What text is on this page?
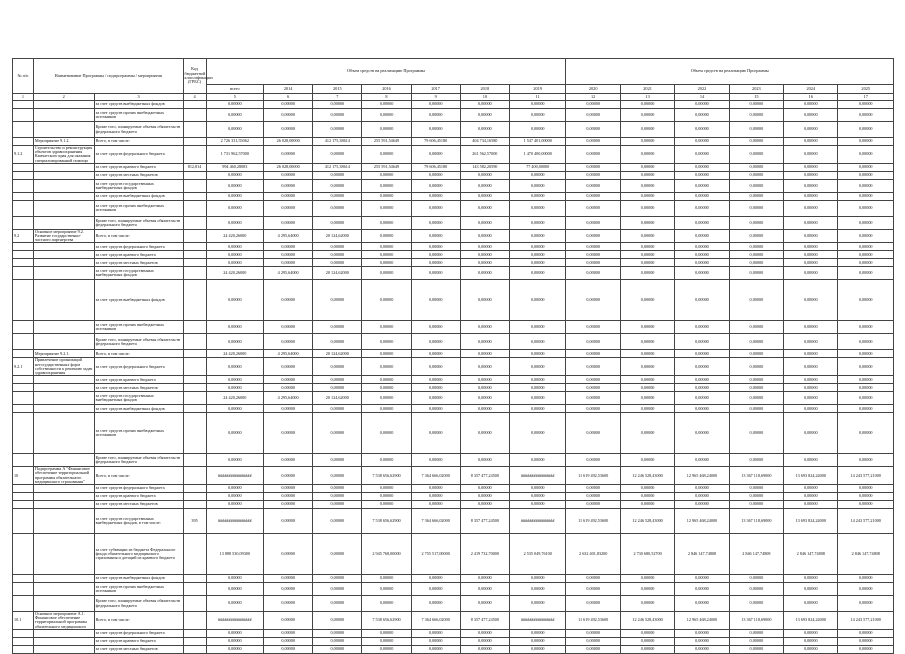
№ п/п	Наименование Программы / подпрограммы / мероприятия		Код бюджетной классификации (ГРБС)	Объем средств на реализацию Программы							Объем средств на реализацию Программы					
				всего	2014	2015	2016	2017	2018	2019	2020	2021	2022	2023	2024	2025
1	2	3	4	5	6	7	8	9	10	11	12	13	14	15	16	17
		за счет средств внебюджетных фондов		0,00000	0,00000	0,00000	0,00000	0,00000	0,00000	0,00000	0,00000	0,00000	0,00000	0,00000	0,00000	0,00000
		за счет средств прочих внебюджетных источников		0,00000	0,00000	0,00000	0,00000	0,00000	0,00000	0,00000	0,00000	0,00000	0,00000	0,00000	0,00000	0,00000
		Кроме того, планируемые объемы обязательств федерального бюджета		0,00000	0,00000	0,00000	0,00000	0,00000	0,00000	0,00000	0,00000	0,00000	0,00000	0,00000	0,00000	0,00000
	Мероприятие 9.1.2.	Всего, в том числе:		2 726 331,55062	26 028,00000	412 175,38614	255 591,54649	79 606,45180	404 734,16580	1 547 401,00000	0,00000	0,00000	0,00000	0,00000	0,00000	0,00000
9.1.2	Строительство и реконструкция объектов здравоохранения Камчатского края для оказания специализированной помощи	за счет средств федерального бюджета		1 731 962,57000	0,00000	0,00000	0,00000	0,00000	261 562,57000	1 470 400,00000	0,00000	0,00000	0,00000	0,00000	0,00000	0,00000
		за счет средств краевого бюджета	812,814	994 460,28083	26 028,00000	412 175,38614	255 591,54649	79 606,45180	143 582,20590	77 400,00000	0,00000	0,00000	0,00000	0,00000	0,00000	0,00000
		за счет средств местных бюджетов		0,00000	0,00000	0,00000	0,00000	0,00000	0,00000	0,00000	0,00000	0,00000	0,00000	0,00000	0,00000	0,00000
		за счет средств государственных внебюджетных фондов		0,00000	0,00000	0,00000	0,00000	0,00000	0,00000	0,00000	0,00000	0,00000	0,00000	0,00000	0,00000	0,00000
		за счет средств внебюджетных фондов		0,00000	0,00000	0,00000	0,00000	0,00000	0,00000	0,00000	0,00000	0,00000	0,00000	0,00000	0,00000	0,00000
		за счет средств прочих внебюджетных источников		0,00000	0,00000	0,00000	0,00000	0,00000	0,00000	0,00000	0,00000	0,00000	0,00000	0,00000	0,00000	0,00000
		Кроме того, планируемые объемы обязательств федерального бюджета		0,00000	0,00000	0,00000	0,00000	0,00000	0,00000	0,00000	0,00000	0,00000	0,00000	0,00000	0,00000	0,00000
9.2	Основное мероприятие 9.2. Развитие государственно-частного партнерства	Всего, в том числе:		24 420,26000	4 295,64000	20 124,62000	0,00000	0,00000	0,00000	0,00000	0,00000	0,00000	0,00000	0,00000	0,00000	0,00000
		за счет средств федерального бюджета		0,00000	0,00000	0,00000	0,00000	0,00000	0,00000	0,00000	0,00000	0,00000	0,00000	0,00000	0,00000	0,00000
		за счет средств краевого бюджета		0,00000	0,00000	0,00000	0,00000	0,00000	0,00000	0,00000	0,00000	0,00000	0,00000	0,00000	0,00000	0,00000
		за счет средств местных бюджетов		0,00000	0,00000	0,00000	0,00000	0,00000	0,00000	0,00000	0,00000	0,00000	0,00000	0,00000	0,00000	0,00000
		за счет средств государственных внебюджетных фондов		24 420,26000	4 295,64000	20 124,62000	0,00000	0,00000	0,00000	0,00000	0,00000	0,00000	0,00000	0,00000	0,00000	0,00000
		за счет средств внебюджетных фондов		0,00000	0,00000	0,00000	0,00000	0,00000	0,00000	0,00000	0,00000	0,00000	0,00000	0,00000	0,00000	0,00000
		за счет средств прочих внебюджетных источников		0,00000	0,00000	0,00000	0,00000	0,00000	0,00000	0,00000	0,00000	0,00000	0,00000	0,00000	0,00000	0,00000
		Кроме того, планируемые объемы обязательств федерального бюджета		0,00000	0,00000	0,00000	0,00000	0,00000	0,00000	0,00000	0,00000	0,00000	0,00000	0,00000	0,00000	0,00000
	Мероприятие 9.2.1.	Всего, в том числе:		24 420,26000	4 295,64000	20 124,62000	0,00000	0,00000	0,00000	0,00000	0,00000	0,00000	0,00000	0,00000	0,00000	0,00000
9.2.1	Привлечение организаций негосударственных форм собственности к решению задач здравоохранения	за счет средств федерального бюджета		0,00000	0,00000	0,00000	0,00000	0,00000	0,00000	0,00000	0,00000	0,00000	0,00000	0,00000	0,00000	0,00000
		за счет средств краевого бюджета		0,00000	0,00000	0,00000	0,00000	0,00000	0,00000	0,00000	0,00000	0,00000	0,00000	0,00000	0,00000	0,00000
		за счет средств местных бюджетов		0,00000	0,00000	0,00000	0,00000	0,00000	0,00000	0,00000	0,00000	0,00000	0,00000	0,00000	0,00000	0,00000
		за счет средств государственных внебюджетных фондов		24 420,26000	4 295,64000	20 124,62000	0,00000	0,00000	0,00000	0,00000	0,00000	0,00000	0,00000	0,00000	0,00000	0,00000
		за счет средств внебюджетных фондов		0,00000	0,00000	0,00000	0,00000	0,00000	0,00000	0,00000	0,00000	0,00000	0,00000	0,00000	0,00000	0,00000
		за счет средств прочих внебюджетных источников		0,00000	0,00000	0,00000	0,00000	0,00000	0,00000	0,00000	0,00000	0,00000	0,00000	0,00000	0,00000	0,00000
		Кроме того, планируемые объемы обязательств федерального бюджета		0,00000	0,00000	0,00000	0,00000	0,00000	0,00000	0,00000	0,00000	0,00000	0,00000	0,00000	0,00000	0,00000
10	Подпрограмма А "Финансовое обеспечение территориальной программы обязательного медицинского страхования"	Всего, в том числе:		################	0,00000	0,00000	7 538 656,62900	7 364 666,02000	8 357 477,24500	################	11 619 492,53600	12 246 528,43000	12 965 468,24000	13 367 118,69000	13 693 824,24000	14 243 577,21000
		за счет средств федерального бюджета		0,00000	0,00000	0,00000	0,00000	0,00000	0,00000	0,00000	0,00000	0,00000	0,00000	0,00000	0,00000	0,00000
		за счет средств краевого бюджета		0,00000	0,00000	0,00000	0,00000	0,00000	0,00000	0,00000	0,00000	0,00000	0,00000	0,00000	0,00000	0,00000
		за счет средств местных бюджетов		0,00000	0,00000	0,00000	0,00000	0,00000	0,00000	0,00000	0,00000	0,00000	0,00000	0,00000	0,00000	0,00000
		за счет средств государственных внебюджетных фондов, в том числе:	395	################	0,00000	0,00000	7 538 656,62900	7 364 666,02000	8 357 477,24500	################	11 619 492,53600	12 246 528,43000	12 965 468,24000	13 367 118,69000	13 693 824,24000	14 243 577,21000
		за счет субвенции из бюджета Федерального фонда обязательного медицинского страхования и дотаций из краевого бюджета		13 888 530,09300	0,00000	0,00000	2 945 768,00000	2 755 517,00000	2 419 732,70000	2 535 049,76100	2 632 401,83200	2 730 680,52700	2 846 147,74808	2 846 147,74808	2 846 147,74808	2 846 147,74808
		за счет средств внебюджетных фондов		0,00000	0,00000	0,00000	0,00000	0,00000	0,00000	0,00000	0,00000	0,00000	0,00000	0,00000	0,00000	0,00000
		за счет средств прочих внебюджетных источников		0,00000	0,00000	0,00000	0,00000	0,00000	0,00000	0,00000	0,00000	0,00000	0,00000	0,00000	0,00000	0,00000
		Кроме того, планируемые объемы обязательств федерального бюджета		0,00000	0,00000	0,00000	0,00000	0,00000	0,00000	0,00000	0,00000	0,00000	0,00000	0,00000	0,00000	0,00000
10.1	Основное мероприятие А.1. Финансовое обеспечение территориальной программы обязательного медицинского	Всего, в том числе:		################	0,00000	0,00000	7 538 656,62900	7 364 666,02000	8 357 477,24500	################	11 619 492,53600	12 246 528,43000	12 965 468,24000	13 367 118,69000	13 693 824,24000	14 243 577,21000
		за счет средств федерального бюджета		0,00000	0,00000	0,00000	0,00000	0,00000	0,00000	0,00000	0,00000	0,00000	0,00000	0,00000	0,00000	0,00000
		за счет средств краевого бюджета		0,00000	0,00000	0,00000	0,00000	0,00000	0,00000	0,00000	0,00000	0,00000	0,00000	0,00000	0,00000	0,00000
		за счет средств местных бюджетов		0,00000	0,00000	0,00000	0,00000	0,00000	0,00000	0,00000	0,00000	0,00000	0,00000	0,00000	0,00000	0,00000
